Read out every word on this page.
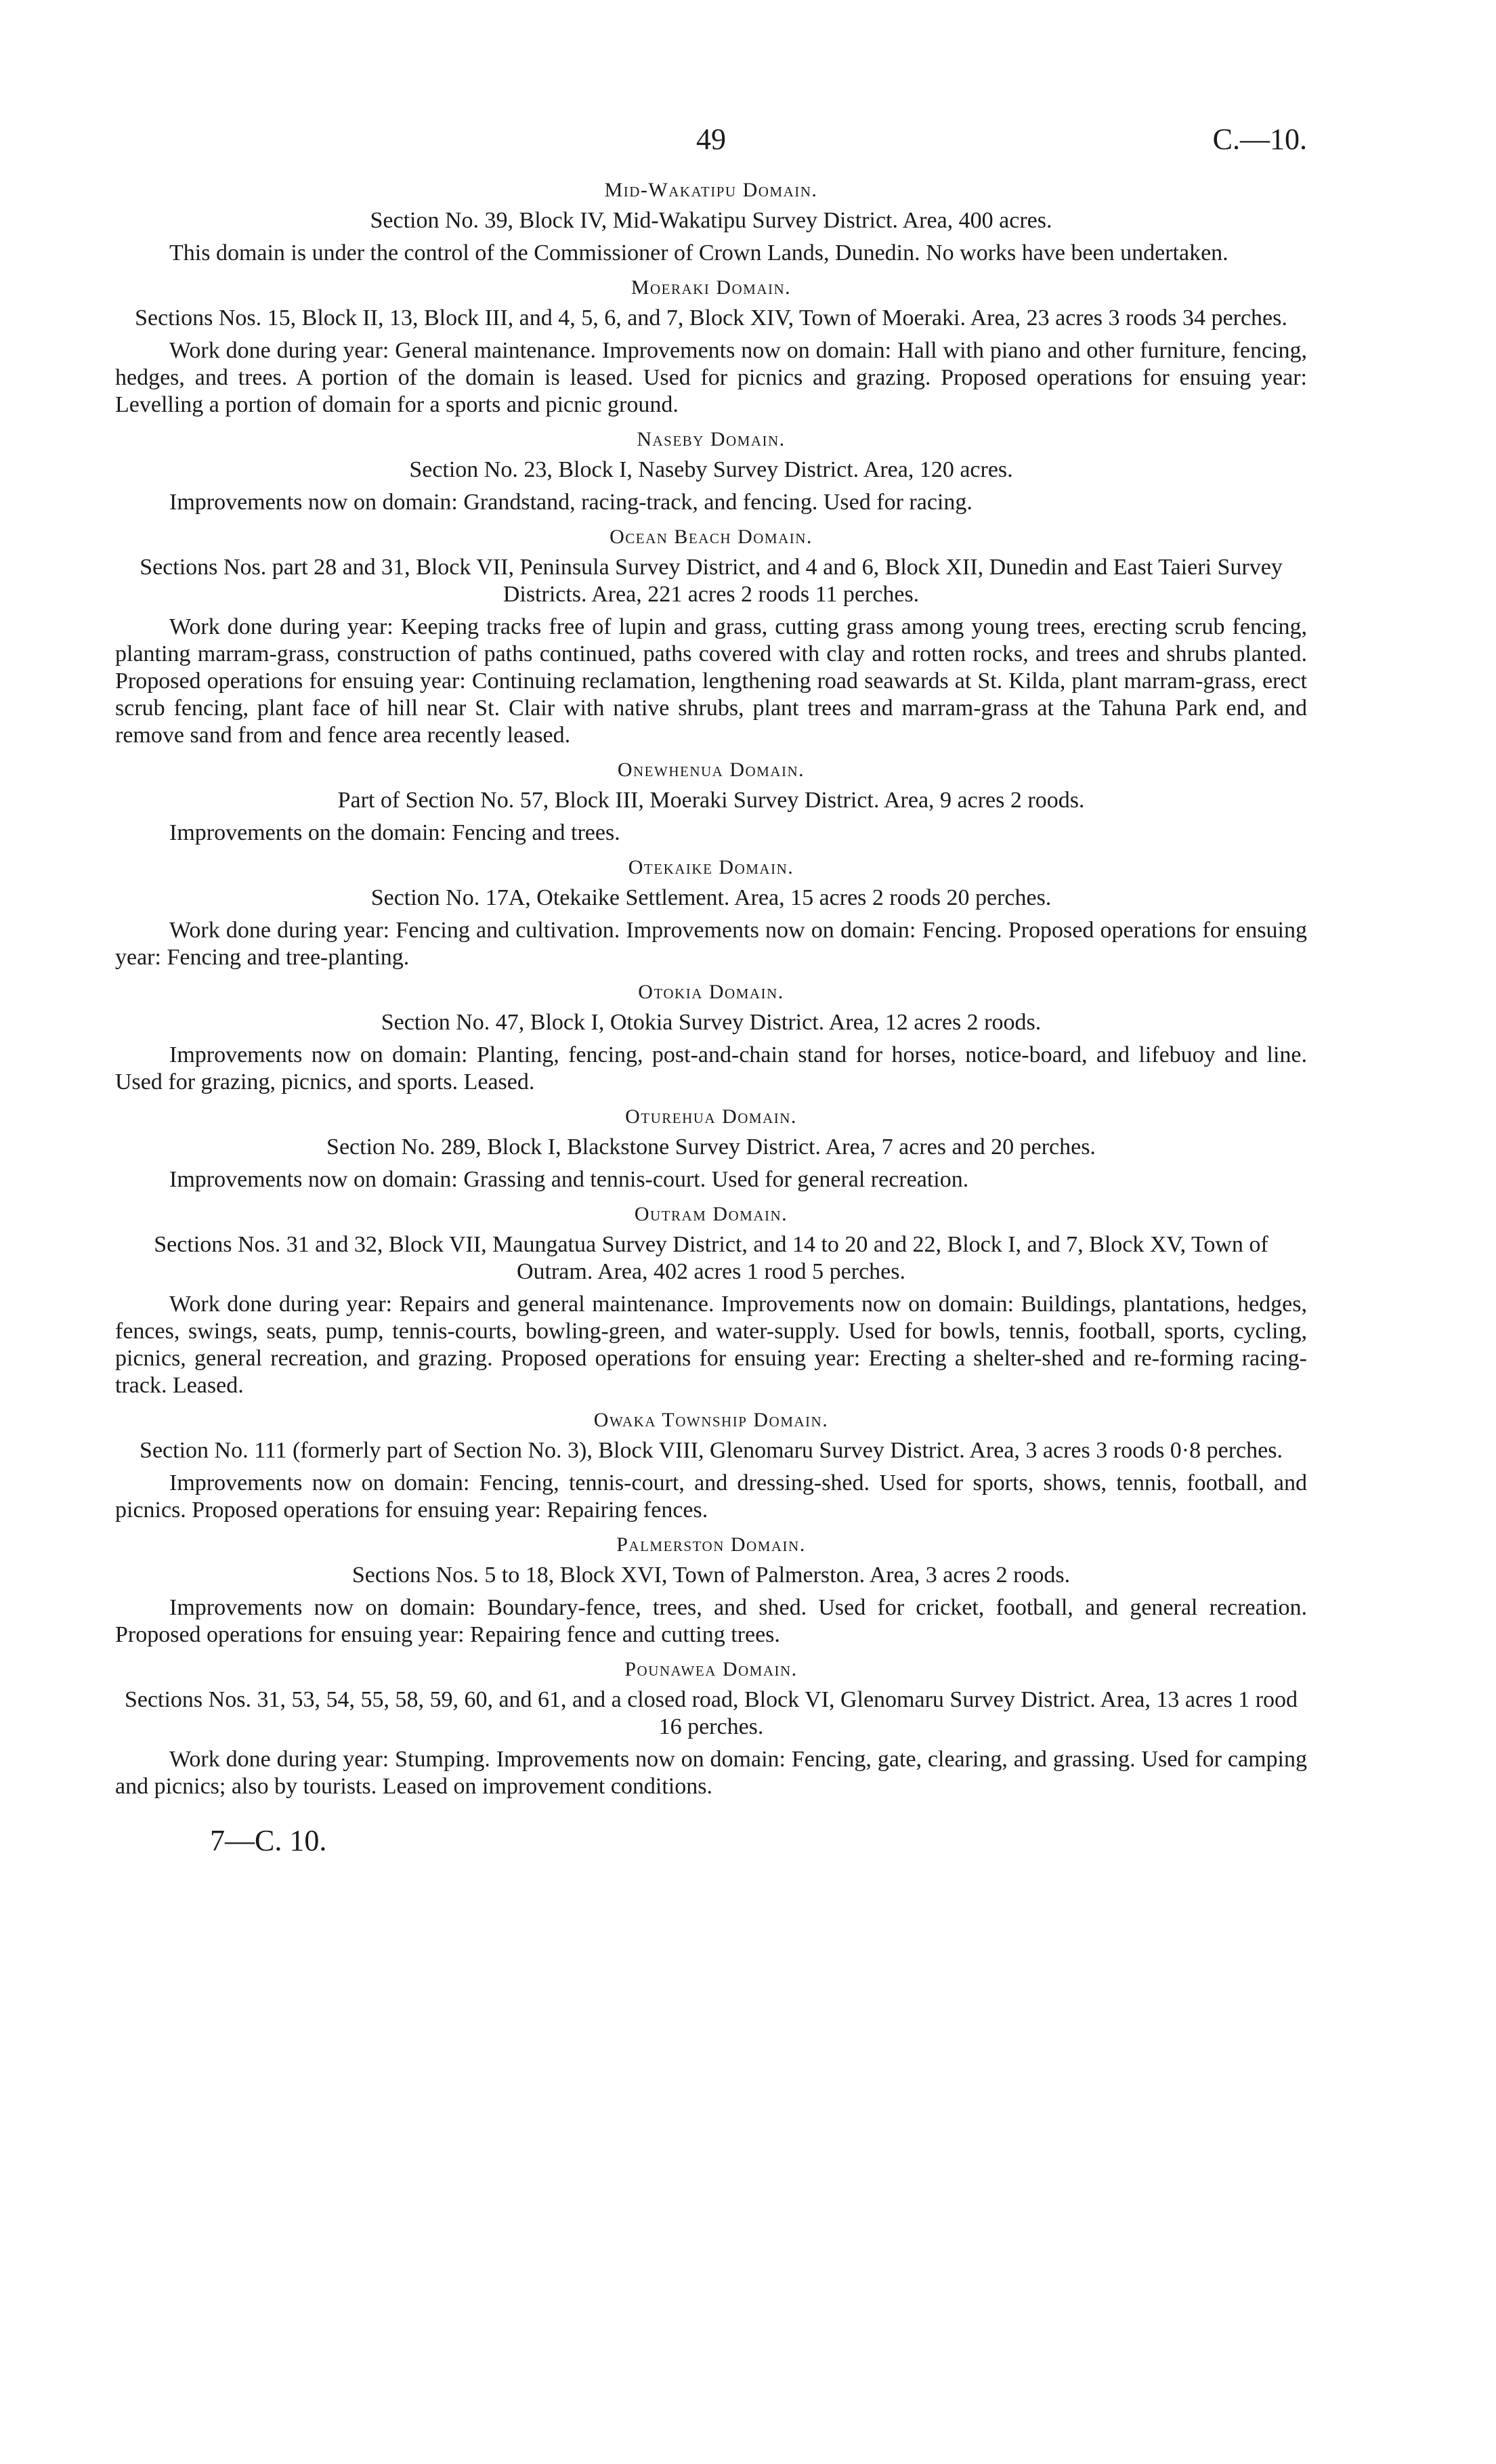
49	C.—10.
Mid-Wakatipu Domain.
Section No. 39, Block IV, Mid-Wakatipu Survey District. Area, 400 acres.

This domain is under the control of the Commissioner of Crown Lands, Dunedin. No works have been undertaken.

Moeraki Domain.
Sections Nos. 15, Block II, 13, Block III, and 4, 5, 6, and 7, Block XIV, Town of Moeraki. Area, 23 acres 3 roods 34 perches.

Work done during year: General maintenance. Improvements now on domain: Hall with piano and other furniture, fencing, hedges, and trees. A portion of the domain is leased. Used for picnics and grazing. Proposed operations for ensuing year: Levelling a portion of domain for a sports and picnic ground.

Naseby Domain.
Section No. 23, Block I, Naseby Survey District. Area, 120 acres.

Improvements now on domain: Grandstand, racing-track, and fencing. Used for racing.

Ocean Beach Domain.
Sections Nos. part 28 and 31, Block VII, Peninsula Survey District, and 4 and 6, Block XII, Dunedin and East Taieri Survey Districts. Area, 221 acres 2 roods 11 perches.

Work done during year: Keeping tracks free of lupin and grass, cutting grass among young trees, erecting scrub fencing, planting marram-grass, construction of paths continued, paths covered with clay and rotten rocks, and trees and shrubs planted. Proposed operations for ensuing year: Continuing reclamation, lengthening road seawards at St. Kilda, plant marram-grass, erect scrub fencing, plant face of hill near St. Clair with native shrubs, plant trees and marram-grass at the Tahuna Park end, and remove sand from and fence area recently leased.

Onewhenua Domain.
Part of Section No. 57, Block III, Moeraki Survey District. Area, 9 acres 2 roods.

Improvements on the domain: Fencing and trees.

Otekaike Domain.
Section No. 17A, Otekaike Settlement. Area, 15 acres 2 roods 20 perches.

Work done during year: Fencing and cultivation. Improvements now on domain: Fencing. Proposed operations for ensuing year: Fencing and tree-planting.

Otokia Domain.
Section No. 47, Block I, Otokia Survey District. Area, 12 acres 2 roods.

Improvements now on domain: Planting, fencing, post-and-chain stand for horses, notice-board, and lifebuoy and line. Used for grazing, picnics, and sports. Leased.

Oturehua Domain.
Section No. 289, Block I, Blackstone Survey District. Area, 7 acres and 20 perches.

Improvements now on domain: Grassing and tennis-court. Used for general recreation.

Outram Domain.
Sections Nos. 31 and 32, Block VII, Maungatua Survey District, and 14 to 20 and 22, Block I, and 7, Block XV, Town of Outram. Area, 402 acres 1 rood 5 perches.

Work done during year: Repairs and general maintenance. Improvements now on domain: Buildings, plantations, hedges, fences, swings, seats, pump, tennis-courts, bowling-green, and water-supply. Used for bowls, tennis, football, sports, cycling, picnics, general recreation, and grazing. Proposed operations for ensuing year: Erecting a shelter-shed and re-forming racing-track. Leased.

Owaka Township Domain.
Section No. 111 (formerly part of Section No. 3), Block VIII, Glenomaru Survey District. Area, 3 acres 3 roods 0·8 perches.

Improvements now on domain: Fencing, tennis-court, and dressing-shed. Used for sports, shows, tennis, football, and picnics. Proposed operations for ensuing year: Repairing fences.

Palmerston Domain.
Sections Nos. 5 to 18, Block XVI, Town of Palmerston. Area, 3 acres 2 roods.

Improvements now on domain: Boundary-fence, trees, and shed. Used for cricket, football, and general recreation. Proposed operations for ensuing year: Repairing fence and cutting trees.

Pounawea Domain.
Sections Nos. 31, 53, 54, 55, 58, 59, 60, and 61, and a closed road, Block VI, Glenomaru Survey District. Area, 13 acres 1 rood 16 perches.

Work done during year: Stumping. Improvements now on domain: Fencing, gate, clearing, and grassing. Used for camping and picnics; also by tourists. Leased on improvement conditions.

7—C. 10.
